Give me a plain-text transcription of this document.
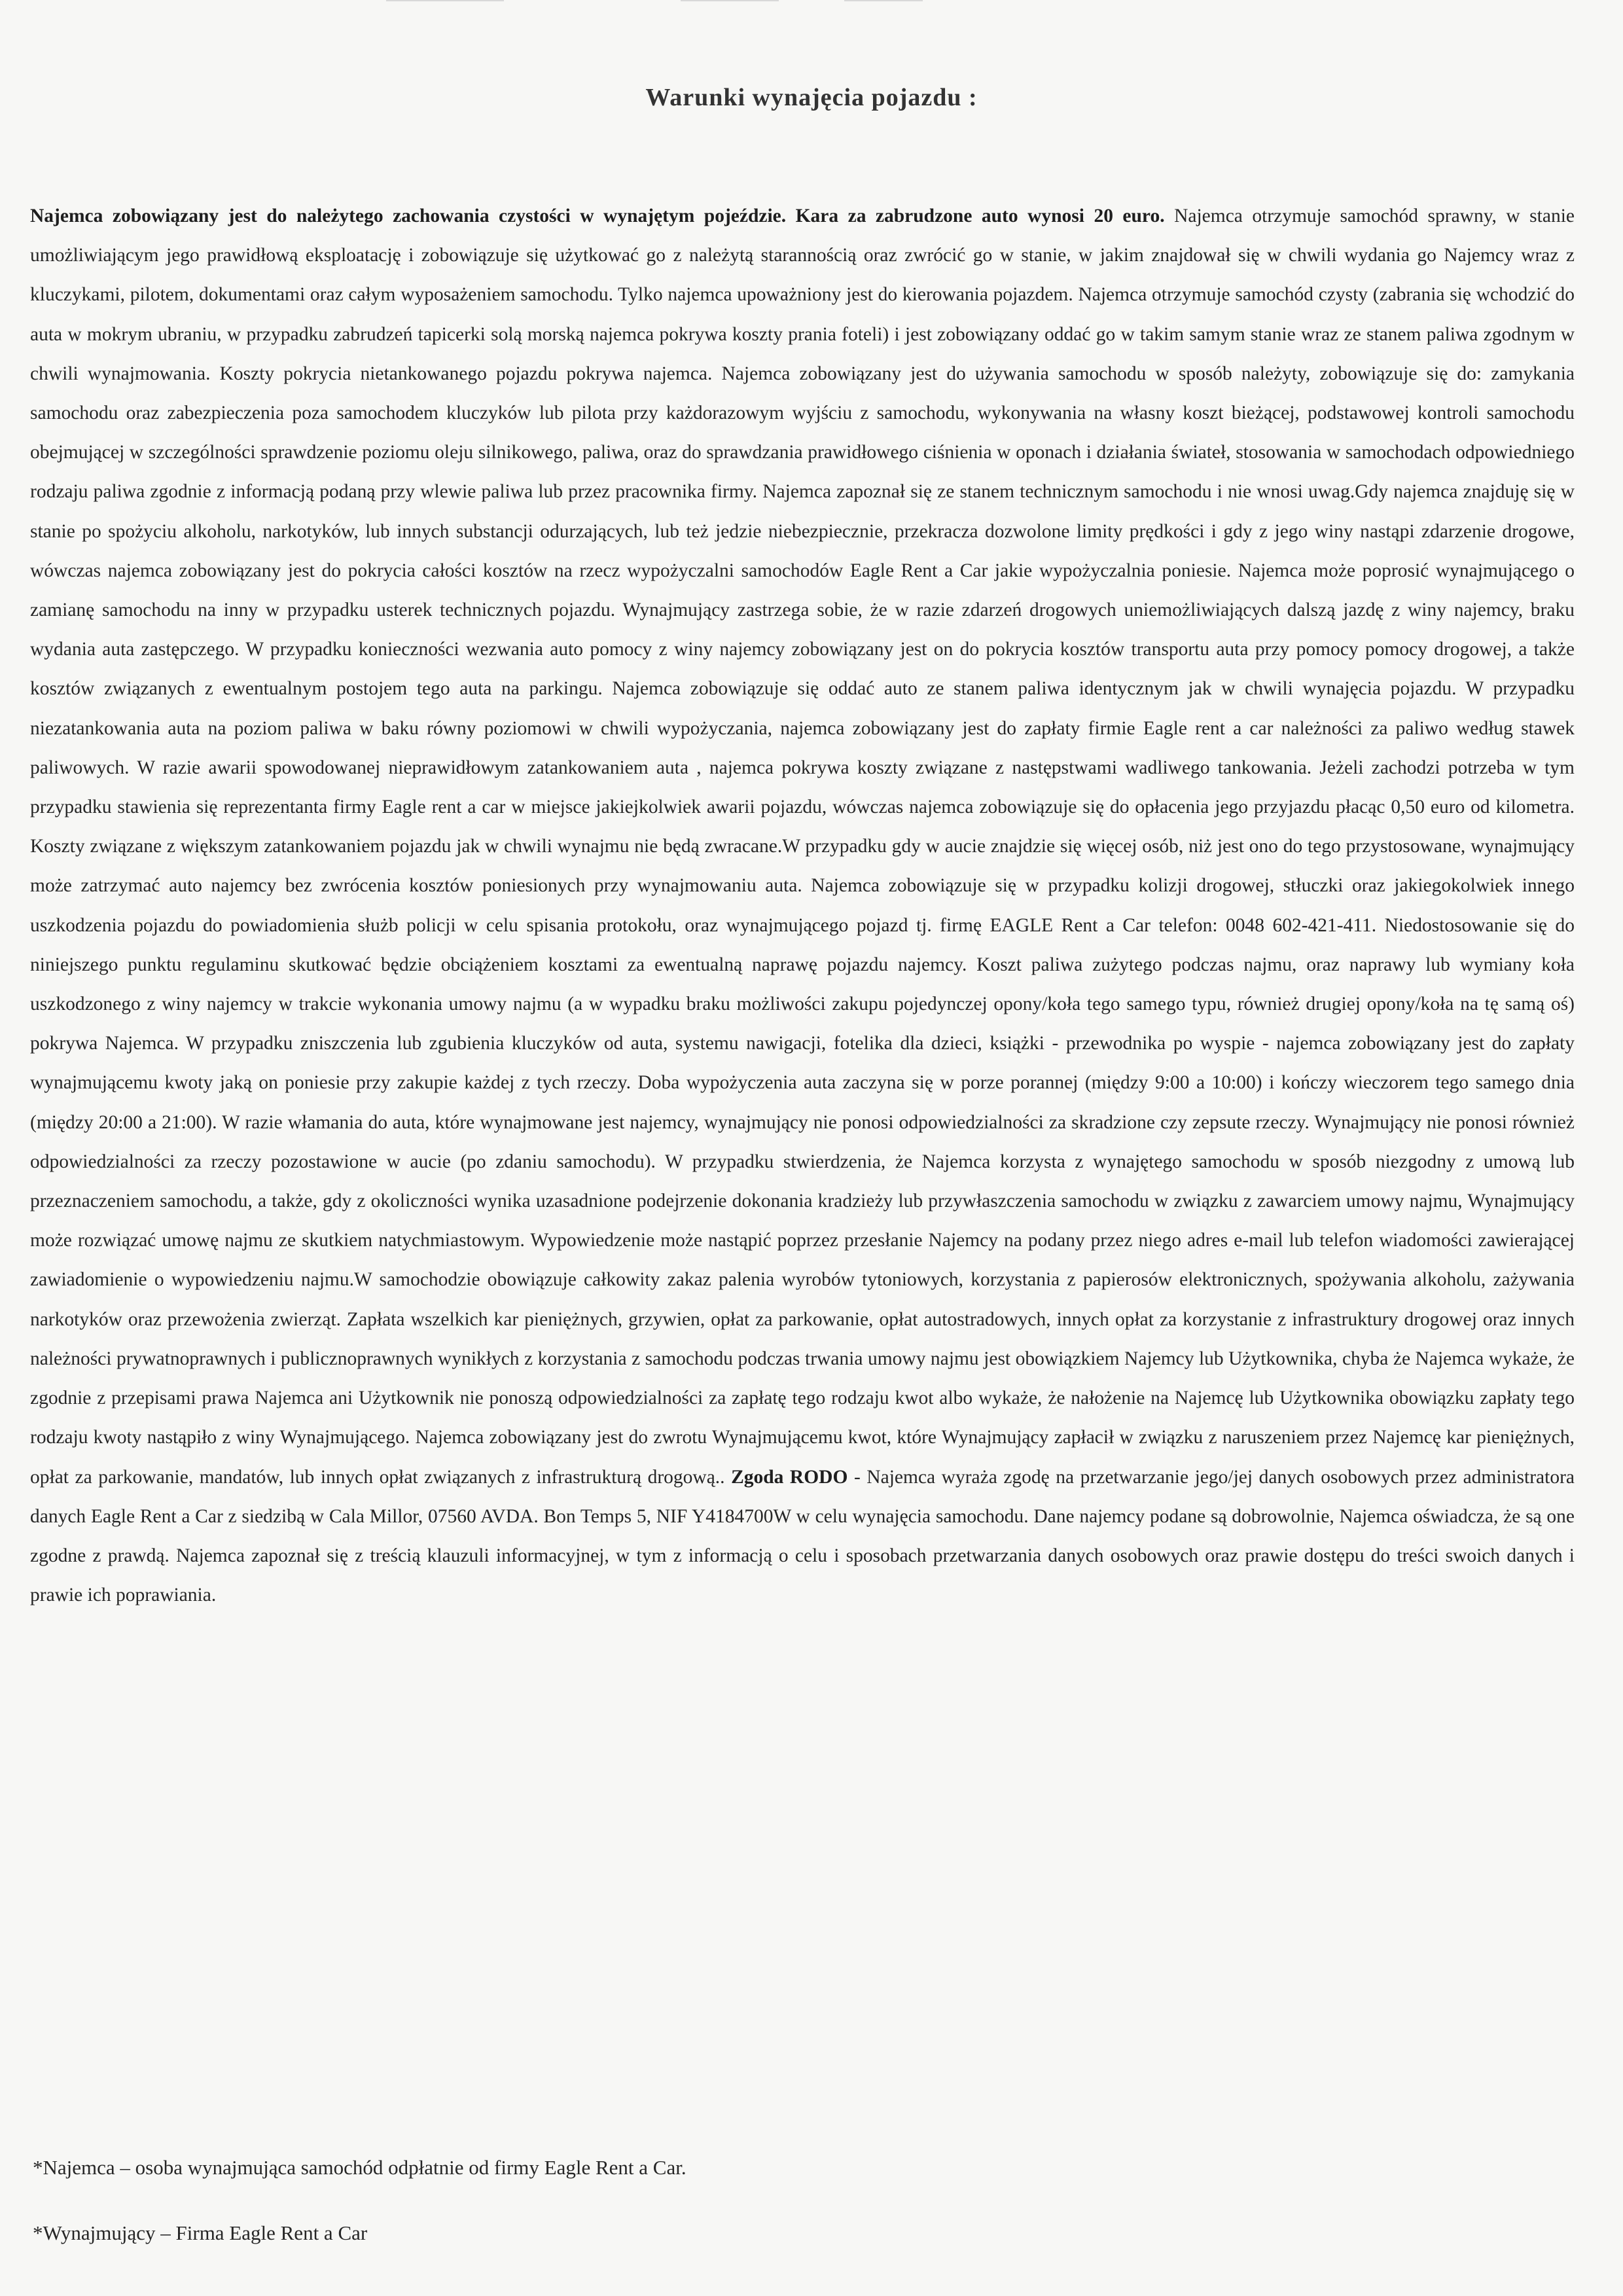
Warunki wynajęcia pojazdu :

Najemca zobowiązany jest do należytego zachowania czystości w wynajętym pojeździe. Kara za zabrudzone auto wynosi 20 euro. Najemca otrzymuje samochód sprawny, w stanie umożliwiającym jego prawidłową eksploatację i zobowiązuje się użytkować go z należytą starannością oraz zwrócić go w stanie, w jakim znajdował się w chwili wydania go Najemcy wraz z kluczykami, pilotem, dokumentami oraz całym wyposażeniem samochodu. Tylko najemca upoważniony jest do kierowania pojazdem. Najemca otrzymuje samochód czysty (zabrania się wchodzić do auta w mokrym ubraniu, w przypadku zabrudzeń tapicerki solą morską najemca pokrywa koszty prania foteli) i jest zobowiązany oddać go w takim samym stanie wraz ze stanem paliwa zgodnym w chwili wynajmowania. Koszty pokrycia nietankowanego pojazdu pokrywa najemca. Najemca zobowiązany jest do używania samochodu w sposób należyty, zobowiązuje się do: zamykania samochodu oraz zabezpieczenia poza samochodem kluczyków lub pilota przy każdorazowym wyjściu z samochodu, wykonywania na własny koszt bieżącej, podstawowej kontroli samochodu obejmującej w szczególności sprawdzenie poziomu oleju silnikowego, paliwa, oraz do sprawdzania prawidłowego ciśnienia w oponach i działania świateł, stosowania w samochodach odpowiedniego rodzaju paliwa zgodnie z informacją podaną przy wlewie paliwa lub przez pracownika firmy. Najemca zapoznał się ze stanem technicznym samochodu i nie wnosi uwag.Gdy najemca znajduję się w stanie po spożyciu alkoholu, narkotyków, lub innych substancji odurzających, lub też jedzie niebezpiecznie, przekracza dozwolone limity prędkości i gdy z jego winy nastąpi zdarzenie drogowe, wówczas najemca zobowiązany jest do pokrycia całości kosztów na rzecz wypożyczalni samochodów Eagle Rent a Car jakie wypożyczalnia poniesie. Najemca może poprosić wynajmującego o zamianę samochodu na inny w przypadku usterek technicznych pojazdu. Wynajmujący zastrzega sobie, że w razie zdarzeń drogowych uniemożliwiających dalszą jazdę z winy najemcy, braku wydania auta zastępczego. W przypadku konieczności wezwania auto pomocy z winy najemcy zobowiązany jest on do pokrycia kosztów transportu auta przy pomocy pomocy drogowej, a także kosztów związanych z ewentualnym postojem tego auta na parkingu. Najemca zobowiązuje się oddać auto ze stanem paliwa identycznym jak w chwili wynajęcia pojazdu. W przypadku niezatankowania auta na poziom paliwa w baku równy poziomowi w chwili wypożyczania, najemca zobowiązany jest do zapłaty firmie Eagle rent a car należności za paliwo według stawek paliwowych. W razie awarii spowodowanej nieprawidłowym zatankowaniem auta , najemca pokrywa koszty związane z następstwami wadliwego tankowania. Jeżeli zachodzi potrzeba w tym przypadku stawienia się reprezentanta firmy Eagle rent a car w miejsce jakiejkolwiek awarii pojazdu, wówczas najemca zobowiązuje się do opłacenia jego przyjazdu płacąc 0,50 euro od kilometra. Koszty związane z większym zatankowaniem pojazdu jak w chwili wynajmu nie będą zwracane.W przypadku gdy w aucie znajdzie się więcej osób, niż jest ono do tego przystosowane, wynajmujący może zatrzymać auto najemcy bez zwrócenia kosztów poniesionych przy wynajmowaniu auta. Najemca zobowiązuje się w przypadku kolizji drogowej, stłuczki oraz jakiegokolwiek innego uszkodzenia pojazdu do powiadomienia służb policji w celu spisania protokołu, oraz wynajmującego pojazd tj. firmę EAGLE Rent a Car telefon: 0048 602-421-411. Niedostosowanie się do niniejszego punktu regulaminu skutkować będzie obciążeniem kosztami za ewentualną naprawę pojazdu najemcy. Koszt paliwa zużytego podczas najmu, oraz naprawy lub wymiany koła uszkodzonego z winy najemcy w trakcie wykonania umowy najmu (a w wypadku braku możliwości zakupu pojedynczej opony/koła tego samego typu, również drugiej opony/koła na tę samą oś) pokrywa Najemca. W przypadku zniszczenia lub zgubienia kluczyków od auta, systemu nawigacji, fotelika dla dzieci, książki - przewodnika po wyspie - najemca zobowiązany jest do zapłaty wynajmującemu kwoty jaką on poniesie przy zakupie każdej z tych rzeczy. Doba wypożyczenia auta zaczyna się w porze porannej (między 9:00 a 10:00) i kończy wieczorem tego samego dnia (między 20:00 a 21:00). W razie włamania do auta, które wynajmowane jest najemcy, wynajmujący nie ponosi odpowiedzialności za skradzione czy zepsute rzeczy. Wynajmujący nie ponosi również odpowiedzialności za rzeczy pozostawione w aucie (po zdaniu samochodu). W przypadku stwierdzenia, że Najemca korzysta z wynajętego samochodu w sposób niezgodny z umową lub przeznaczeniem samochodu, a także, gdy z okoliczności wynika uzasadnione podejrzenie dokonania kradzieży lub przywłaszczenia samochodu w związku z zawarciem umowy najmu, Wynajmujący może rozwiązać umowę najmu ze skutkiem natychmiastowym. Wypowiedzenie może nastąpić poprzez przesłanie Najemcy na podany przez niego adres e-mail lub telefon wiadomości zawierającej zawiadomienie o wypowiedzeniu najmu.W samochodzie obowiązuje całkowity zakaz palenia wyrobów tytoniowych, korzystania z papierosów elektronicznych, spożywania alkoholu, zażywania narkotyków oraz przewożenia zwierząt. Zapłata wszelkich kar pieniężnych, grzywien, opłat za parkowanie, opłat autostradowych, innych opłat za korzystanie z infrastruktury drogowej oraz innych należności prywatnoprawnych i publicznoprawnych wynikłych z korzystania z samochodu podczas trwania umowy najmu jest obowiązkiem Najemcy lub Użytkownika, chyba że Najemca wykaże, że zgodnie z przepisami prawa Najemca ani Użytkownik nie ponoszą odpowiedzialności za zapłatę tego rodzaju kwot albo wykaże, że nałożenie na Najemcę lub Użytkownika obowiązku zapłaty tego rodzaju kwoty nastąpiło z winy Wynajmującego. Najemca zobowiązany jest do zwrotu Wynajmującemu kwot, które Wynajmujący zapłacił w związku z naruszeniem przez Najemcę kar pieniężnych, opłat za parkowanie, mandatów, lub innych opłat związanych z infrastrukturą drogową.. Zgoda RODO - Najemca wyraża zgodę na przetwarzanie jego/jej danych osobowych przez administratora danych Eagle Rent a Car z siedzibą w Cala Millor, 07560 AVDA. Bon Temps 5, NIF Y4184700W w celu wynajęcia samochodu. Dane najemcy podane są dobrowolnie, Najemca oświadcza, że są one zgodne z prawdą. Najemca zapoznał się z treścią klauzuli informacyjnej, w tym z informacją o celu i sposobach przetwarzania danych osobowych oraz prawie dostępu do treści swoich danych i prawie ich poprawiania.

*Najemca – osoba wynajmująca samochód odpłatnie od firmy Eagle Rent a Car.

*Wynajmujący – Firma Eagle Rent a Car
